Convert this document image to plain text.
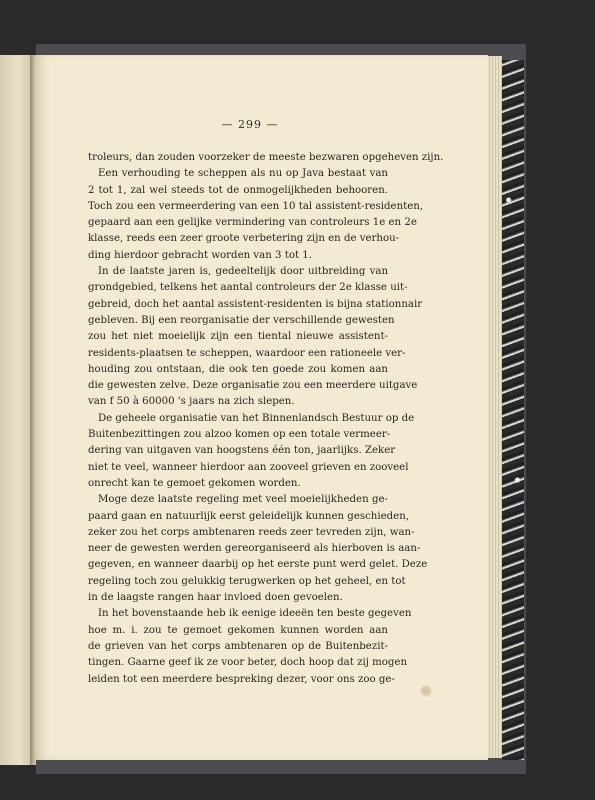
— 299 —
troleurs, dan zouden voorzeker de meeste bezwaren opgeheven zijn.
Een verhouding te scheppen als nu op Java bestaat van
2 tot 1, zal wel steeds tot de onmogelijkheden behooren.
Toch zou een vermeerdering van een 10 tal assistent-residenten,
gepaard aan een gelijke vermindering van controleurs 1e en 2e
klasse, reeds een zeer groote verbetering zijn en de verhou-
ding hierdoor gebracht worden van 3 tot 1.
In de laatste jaren is, gedeeltelijk door uitbreiding van
grondgebied, telkens het aantal controleurs der 2e klasse uit-
gebreid, doch het aantal assistent-residenten is bijna stationnair
gebleven. Bij een reorganisatie der verschillende gewesten
zou het niet moeielijk zijn een tiental nieuwe assistent-
residents-plaatsen te scheppen, waardoor een rationeele ver-
houding zou ontstaan, die ook ten goede zou komen aan
die gewesten zelve. Deze organisatie zou een meerdere uitgave
van f 50 à 60000 's jaars na zich slepen.
De geheele organisatie van het Binnenlandsch Bestuur op de
Buitenbezittingen zou alzoo komen op een totale vermeer-
dering van uitgaven van hoogstens één ton, jaarlijks. Zeker
niet te veel, wanneer hierdoor aan zooveel grieven en zooveel
onrecht kan te gemoet gekomen worden.
Moge deze laatste regeling met veel moeielijkheden ge-
paard gaan en natuurlijk eerst geleidelijk kunnen geschieden,
zeker zou het corps ambtenaren reeds zeer tevreden zijn, wan-
neer de gewesten werden gereorganiseerd als hierboven is aan-
gegeven, en wanneer daarbij op het eerste punt werd gelet. Deze
regeling toch zou gelukkig terugwerken op het geheel, en tot
in de laagste rangen haar invloed doen gevoelen.
In het bovenstaande heb ik eenige ideeën ten beste gegeven
hoe m. i. zou te gemoet gekomen kunnen worden aan
de grieven van het corps ambtenaren op de Buitenbezit-
tingen. Gaarne geef ik ze voor beter, doch hoop dat zij mogen
leiden tot een meerdere bespreking dezer, voor ons zoo ge-
